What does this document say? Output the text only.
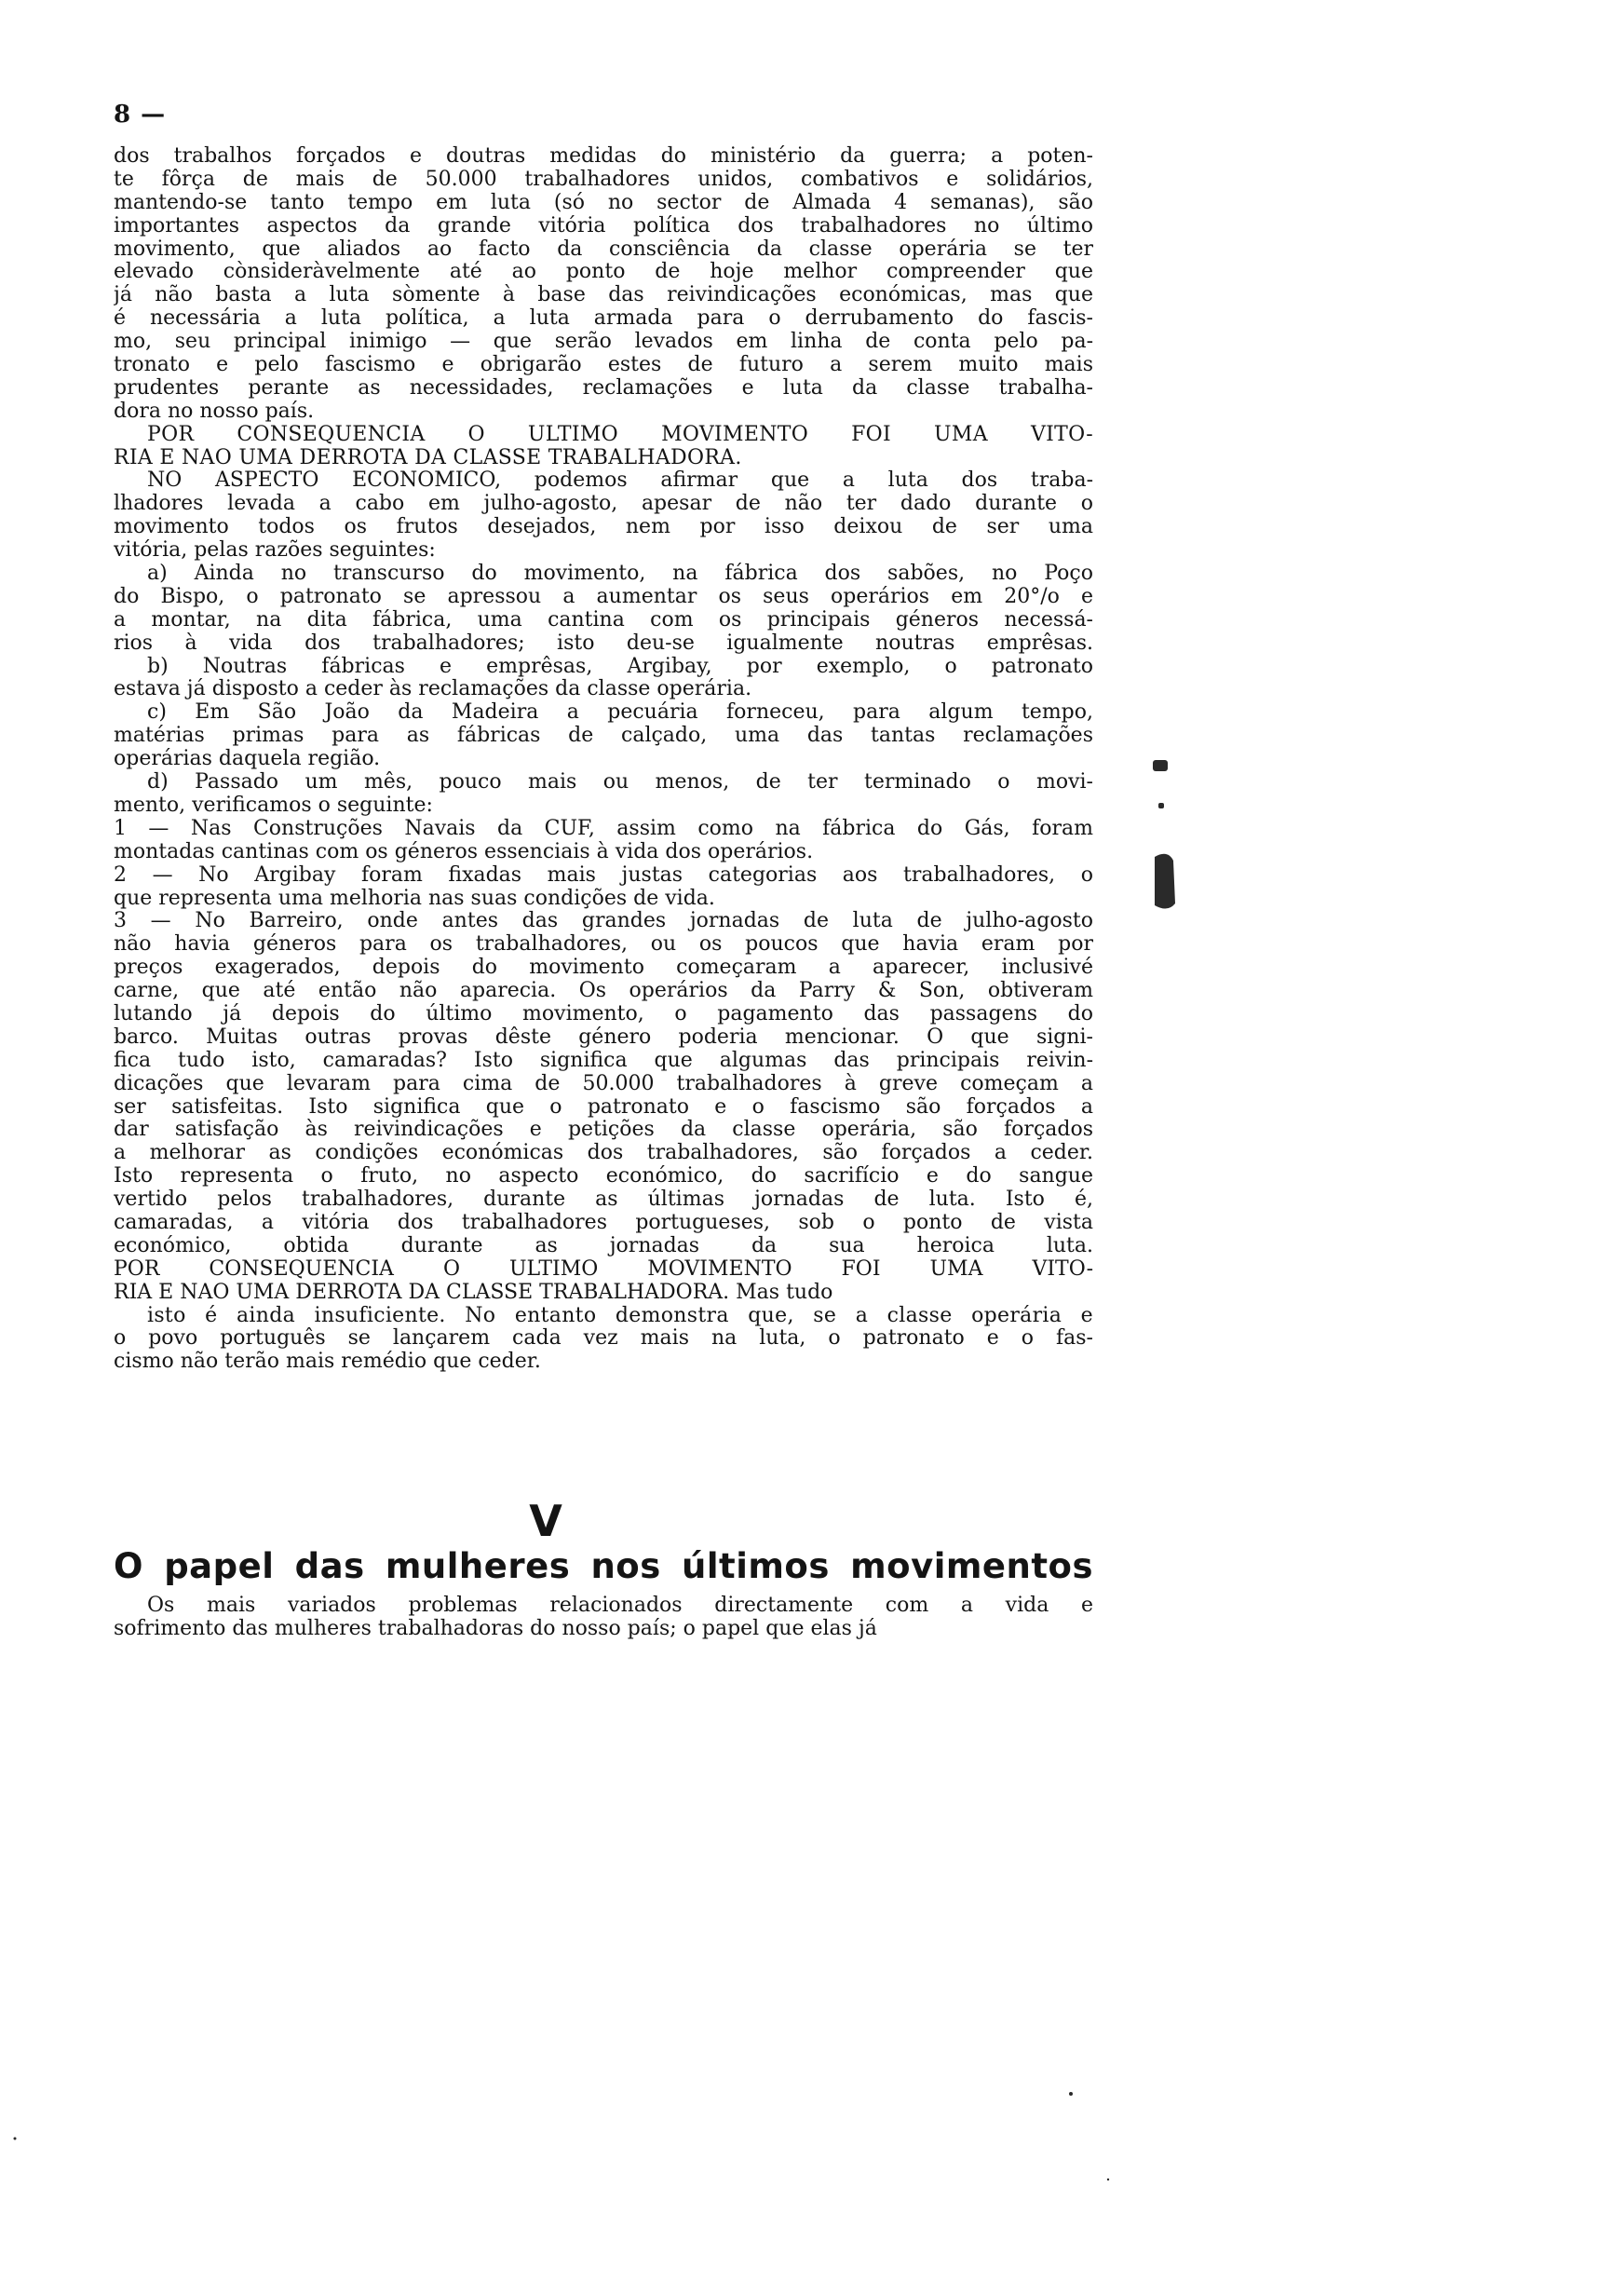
8 —
dos trabalhos forçados e doutras medidas do ministério da guerra; a poten-
te fôrça de mais de 50.000 trabalhadores unidos, combativos e solidários,
mantendo-se tanto tempo em luta (só no sector de Almada 4 semanas), são
importantes aspectos da grande vitória política dos trabalhadores no último
movimento, que aliados ao facto da consciência da classe operária se ter
elevado cònsideràvelmente até ao ponto de hoje melhor compreender que
já não basta a luta sòmente à base das reivindicações económicas, mas que
é necessária a luta política, a luta armada para o derrubamento do fascis-
mo, seu principal inimigo — que serão levados em linha de conta pelo pa-
tronato e pelo fascismo e obrigarão estes de futuro a serem muito mais
prudentes perante as necessidades, reclamações e luta da classe trabalha-
dora no nosso país.
POR CONSEQUÊNCIA O ÚLTIMO MOVIMENTO FOI UMA VITÓ-
RIA E NÃO UMA DERROTA DA CLASSE TRABALHADORA.
NO ASPECTO ECONÓMICO, podemos afirmar que a luta dos traba-
lhadores levada a cabo em julho-agosto, apesar de não ter dado durante o
movimento todos os frutos desejados, nem por isso deixou de ser uma
vitória, pelas razões seguintes:
a) Ainda no transcurso do movimento, na fábrica dos sabões, no Poço
do Bispo, o patronato se apressou a aumentar os seus operários em 20°/o e
a montar, na dita fábrica, uma cantina com os principais géneros necessá-
rios à vida dos trabalhadores; isto deu-se igualmente noutras emprêsas.
b) Noutras fábricas e emprêsas, Argibay, por exemplo, o patronato
estava já disposto a ceder às reclamações da classe operária.
c) Em São João da Madeira a pecuária forneceu, para algum tempo,
matérias primas para as fábricas de calçado, uma das tantas reclamações
operárias daquela região.
d) Passado um mês, pouco mais ou menos, de ter terminado o movi-
mento, verificamos o seguinte:
1 — Nas Construções Navais da CUF, assim como na fábrica do Gás, foram
montadas cantinas com os géneros essenciais à vida dos operários.
2 — No Argibay foram fixadas mais justas categorias aos trabalhadores, o
que representa uma melhoria nas suas condições de vida.
3 — No Barreiro, onde antes das grandes jornadas de luta de julho-agosto
não havia géneros para os trabalhadores, ou os poucos que havia eram por
preços exagerados, depois do movimento começaram a aparecer, inclusivé
carne, que até então não aparecia. Os operários da Parry & Son, obtiveram
lutando já depois do último movimento, o pagamento das passagens do
barco. Muitas outras provas dêste género poderia mencionar. O que signi-
fica tudo isto, camaradas? Isto significa que algumas das principais reivin-
dicações que levaram para cima de 50.000 trabalhadores à greve começam a
ser satisfeitas. Isto significa que o patronato e o fascismo são forçados a
dar satisfação às reivindicações e petições da classe operária, são forçados
a melhorar as condições económicas dos trabalhadores, são forçados a ceder.
Isto representa o fruto, no aspecto económico, do sacrifício e do sangue
vertido pelos trabalhadores, durante as últimas jornadas de luta. Isto é,
camaradas, a vitória dos trabalhadores portugueses, sob o ponto de vista
económico, obtida durante as jornadas da sua heroica luta.
POR CONSEQUÊNCIA O ÚLTIMO MOVIMENTO FOI UMA VITÓ-
RIA E NÃO UMA DERROTA DA CLASSE TRABALHADORA. Mas tudo
isto é ainda insuficiente. No entanto demonstra que, se a classe operária e
o povo português se lançarem cada vez mais na luta, o patronato e o fas-
cismo não terão mais remédio que ceder.
V
O papel das mulheres nos últimos movimentos
Os mais variados problemas relacionados directamente com a vida e
sofrimento das mulheres trabalhadoras do nosso país; o papel que elas já
